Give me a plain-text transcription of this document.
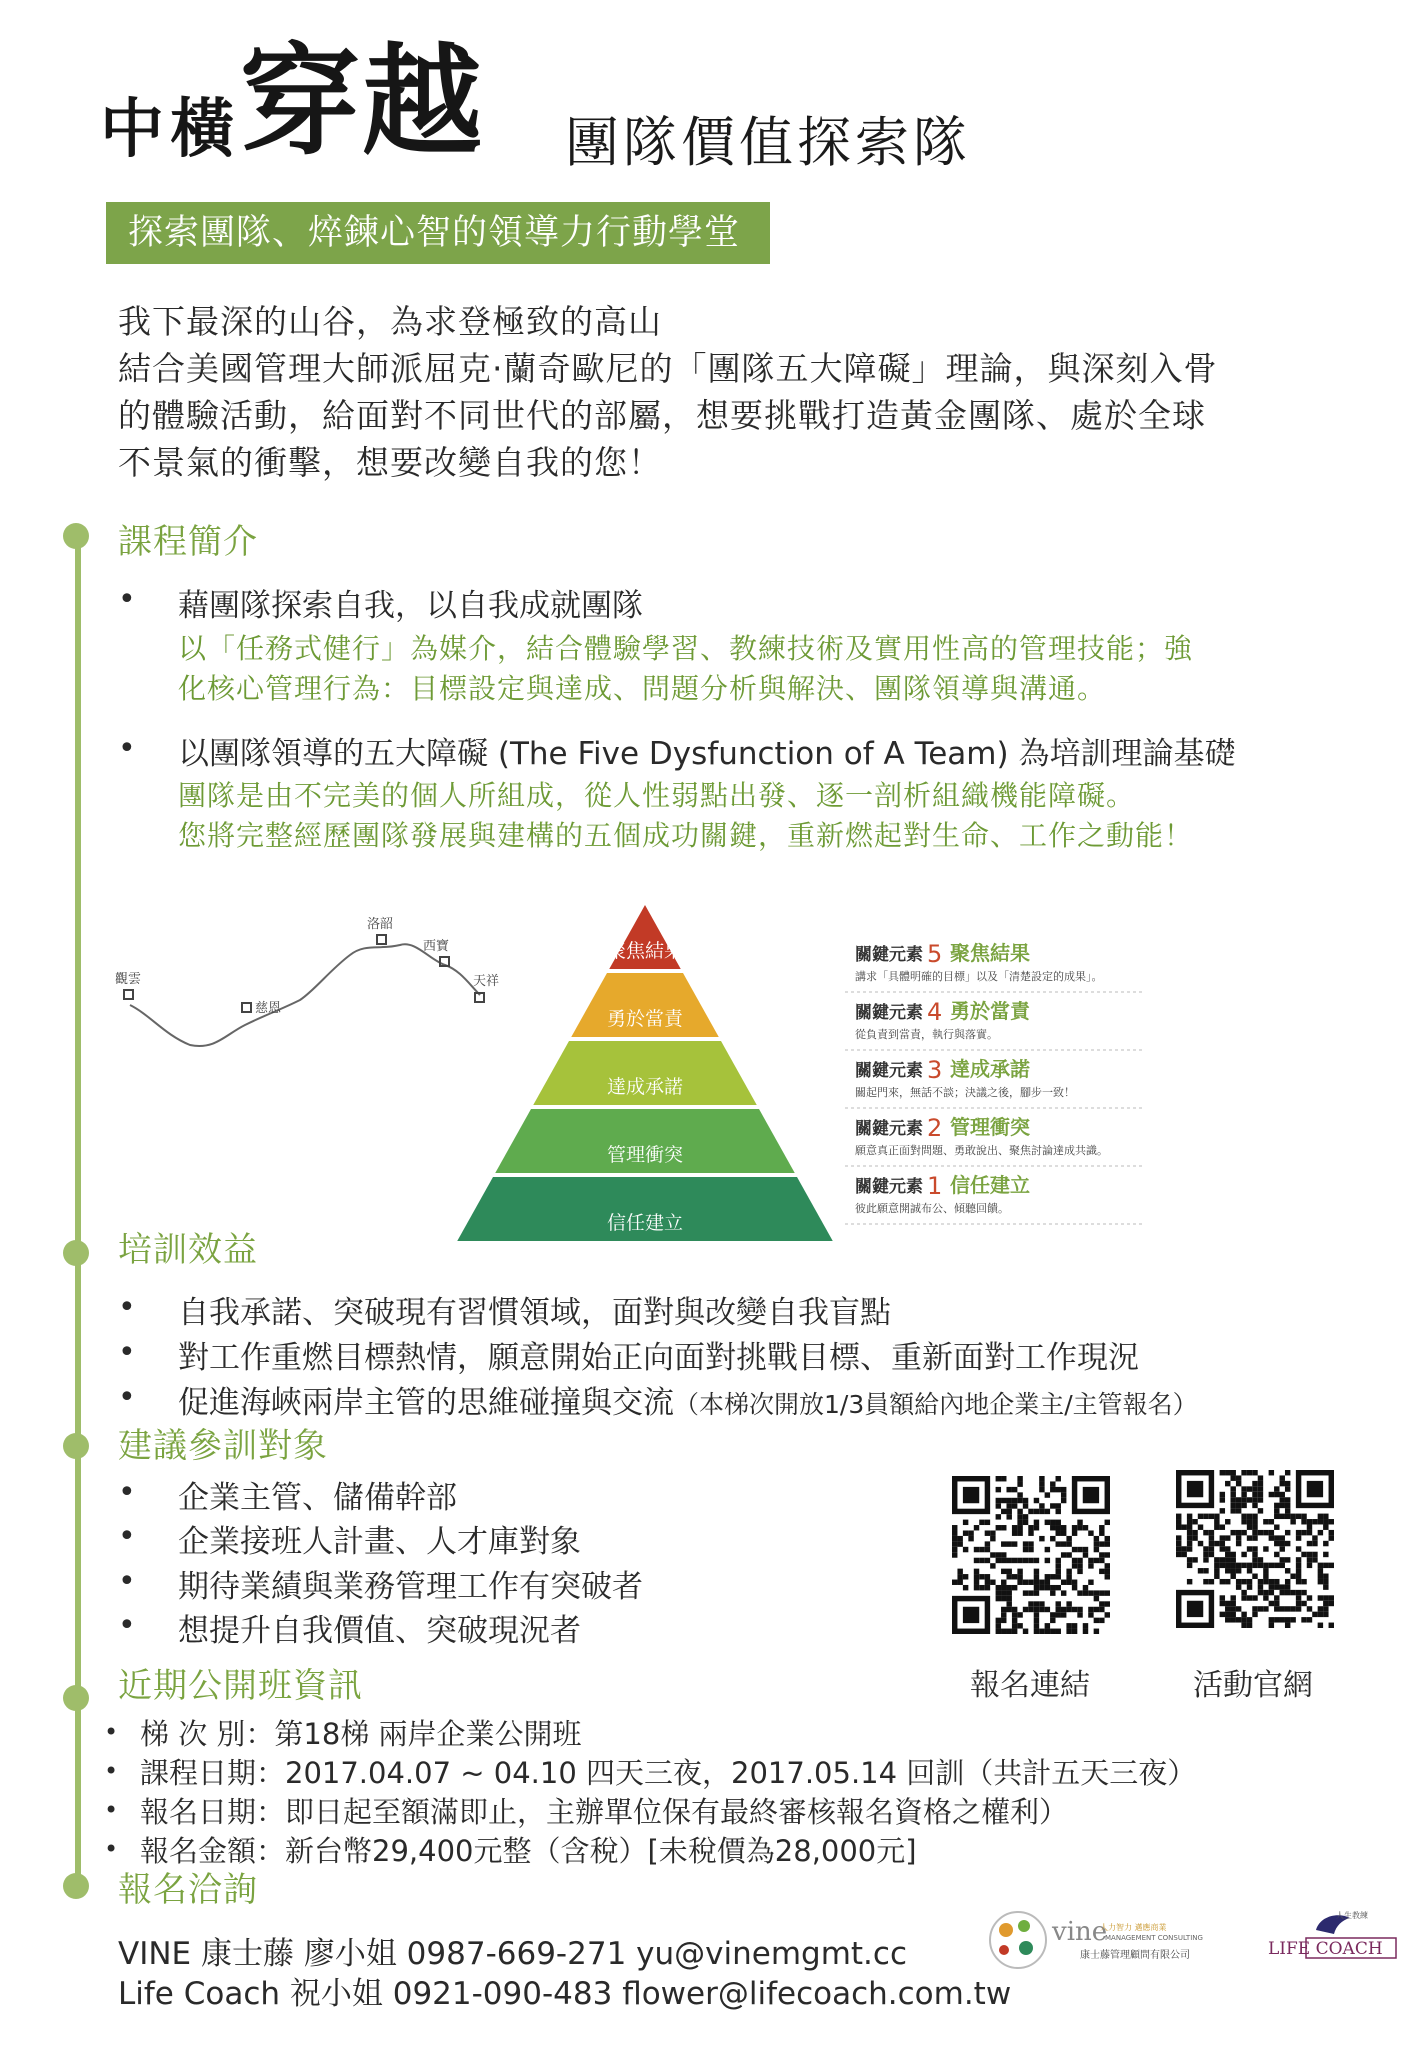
中橫 穿越 團隊價值探索隊
探索團隊、焠鍊心智的領導力行動學堂
我下最深的山谷，為求登極致的高山
結合美國管理大師派屈克·蘭奇歐尼的「團隊五大障礙」理論，與深刻入骨
的體驗活動，給面對不同世代的部屬，想要挑戰打造黃金團隊、處於全球
不景氣的衝擊，想要改變自我的您！
課程簡介
• 藉團隊探索自我，以自我成就團隊
以「任務式健行」為媒介，結合體驗學習、教練技術及實用性高的管理技能；強
化核心管理行為：目標設定與達成、問題分析與解決、團隊領導與溝通。
• 以團隊領導的五大障礙 (The Five Dysfunction of A Team) 為培訓理論基礎
團隊是由不完美的個人所組成，從人性弱點出發、逐一剖析組織機能障礙。
您將完整經歷團隊發展與建構的五個成功關鍵，重新燃起對生命、工作之動能！
觀雲
慈恩
洛韶
西寶
天祥
聚焦結果
勇於當責
達成承諾
管理衝突
信任建立
關鍵元素 5 聚焦結果
講求「具體明確的目標」以及「清楚設定的成果」。
關鍵元素 4 勇於當責
從負責到當責，執行與落實。
關鍵元素 3 達成承諾
關起門來，無話不談；決議之後，腳步一致！
關鍵元素 2 管理衝突
願意真正面對問題、勇敢說出、聚焦討論達成共識。
關鍵元素 1 信任建立
彼此願意開誠布公、傾聽回饋。
培訓效益
• 自我承諾、突破現有習慣領域，面對與改變自我盲點
• 對工作重燃目標熱情，願意開始正向面對挑戰目標、重新面對工作現況
• 促進海峽兩岸主管的思維碰撞與交流（本梯次開放1/3員額給內地企業主/主管報名）
建議參訓對象
• 企業主管、儲備幹部
• 企業接班人計畫、人才庫對象
• 期待業績與業務管理工作有突破者
• 想提升自我價值、突破現況者
報名連結	活動官網
近期公開班資訊
• 梯 次 別：第18梯 兩岸企業公開班
• 課程日期：2017.04.07 ~ 04.10 四天三夜，2017.05.14 回訓（共計五天三夜）
• 報名日期：即日起至額滿即止，主辦單位保有最終審核報名資格之權利）
• 報名金額：新台幣29,400元整（含稅）[未稅價為28,000元]
報名洽詢
VINE 康士藤 廖小姐 0987-669-271 yu@vinemgmt.cc
Life Coach 祝小姐 0921-090-483 flower@lifecoach.com.tw
vine
人力智力 邁應商業
MANAGEMENT CONSULTING
康士藤管理顧問有限公司
人生教練
LIFE COACH
